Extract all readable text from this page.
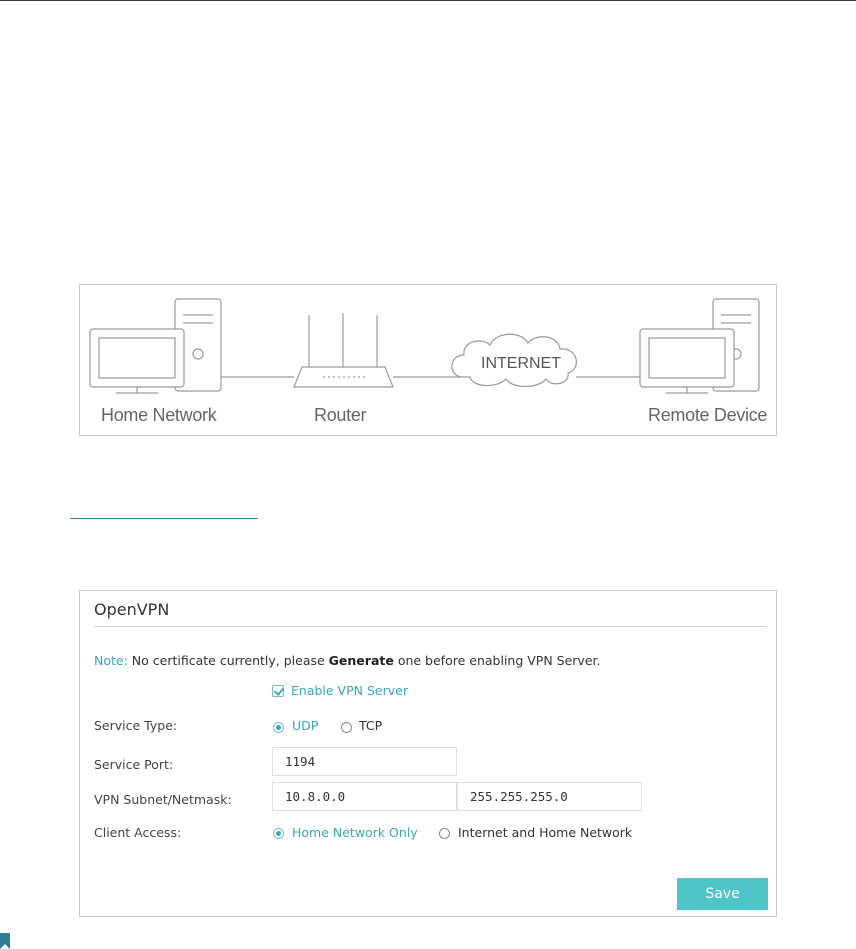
Home Network	Router
INTERNET
Remote Device
OpenVPN
Note: No certificate currently, please Generate one before enabling VPN Server.
Enable VPN Server
Service Type:	UDP	TCP
Service Port:	1194
VPN Subnet/Netmask:	10.8.0.0	255.255.255.0
Client Access:	Home Network Only	Internet and Home Network
Save
